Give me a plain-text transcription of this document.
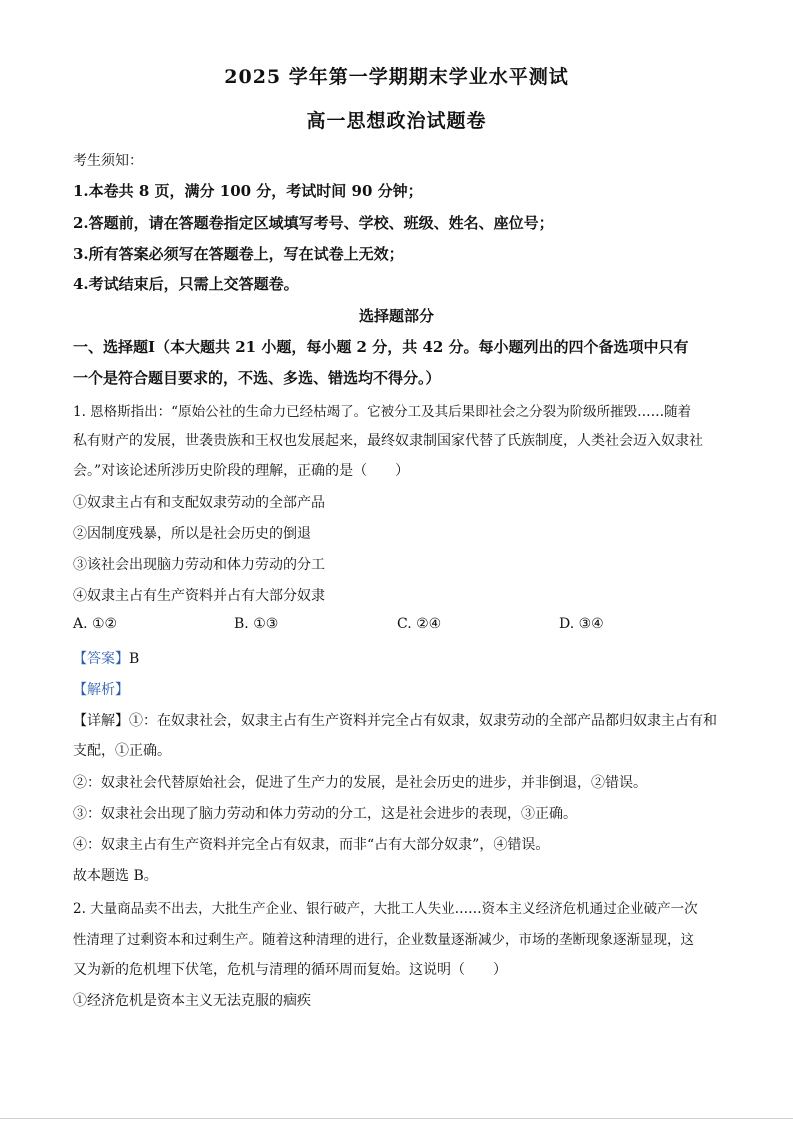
2025 学年第一学期期末学业水平测试
高一思想政治试题卷
考生须知：
1.本卷共 8 页，满分 100 分，考试时间 90 分钟；
2.答题前，请在答题卷指定区域填写考号、学校、班级、姓名、座位号；
3.所有答案必须写在答题卷上，写在试卷上无效；
4.考试结束后，只需上交答题卷。
选择题部分
一、选择题Ⅰ（本大题共 21 小题，每小题 2 分，共 42 分。每小题列出的四个备选项中只有
一个是符合题目要求的，不选、多选、错选均不得分。）
1. 恩格斯指出：“原始公社的生命力已经枯竭了。它被分工及其后果即社会之分裂为阶级所摧毁……随着
私有财产的发展，世袭贵族和王权也发展起来，最终奴隶制国家代替了氏族制度，人类社会迈入奴隶社
会。”对该论述所涉历史阶段的理解，正确的是（　　）
①奴隶主占有和支配奴隶劳动的全部产品
②因制度残暴，所以是社会历史的倒退
③该社会出现脑力劳动和体力劳动的分工
④奴隶主占有生产资料并占有大部分奴隶
A. ①②	B. ①③	C. ②④	D. ③④
【答案】B
【解析】
【详解】①：在奴隶社会，奴隶主占有生产资料并完全占有奴隶，奴隶劳动的全部产品都归奴隶主占有和
支配，①正确。
②：奴隶社会代替原始社会，促进了生产力的发展，是社会历史的进步，并非倒退，②错误。
③：奴隶社会出现了脑力劳动和体力劳动的分工，这是社会进步的表现，③正确。
④：奴隶主占有生产资料并完全占有奴隶，而非“占有大部分奴隶”，④错误。
故本题选 B。
2. 大量商品卖不出去，大批生产企业、银行破产，大批工人失业……资本主义经济危机通过企业破产一次
性清理了过剩资本和过剩生产。随着这种清理的进行，企业数量逐渐减少，市场的垄断现象逐渐显现，这
又为新的危机埋下伏笔，危机与清理的循环周而复始。这说明（　　）
①经济危机是资本主义无法克服的痼疾
